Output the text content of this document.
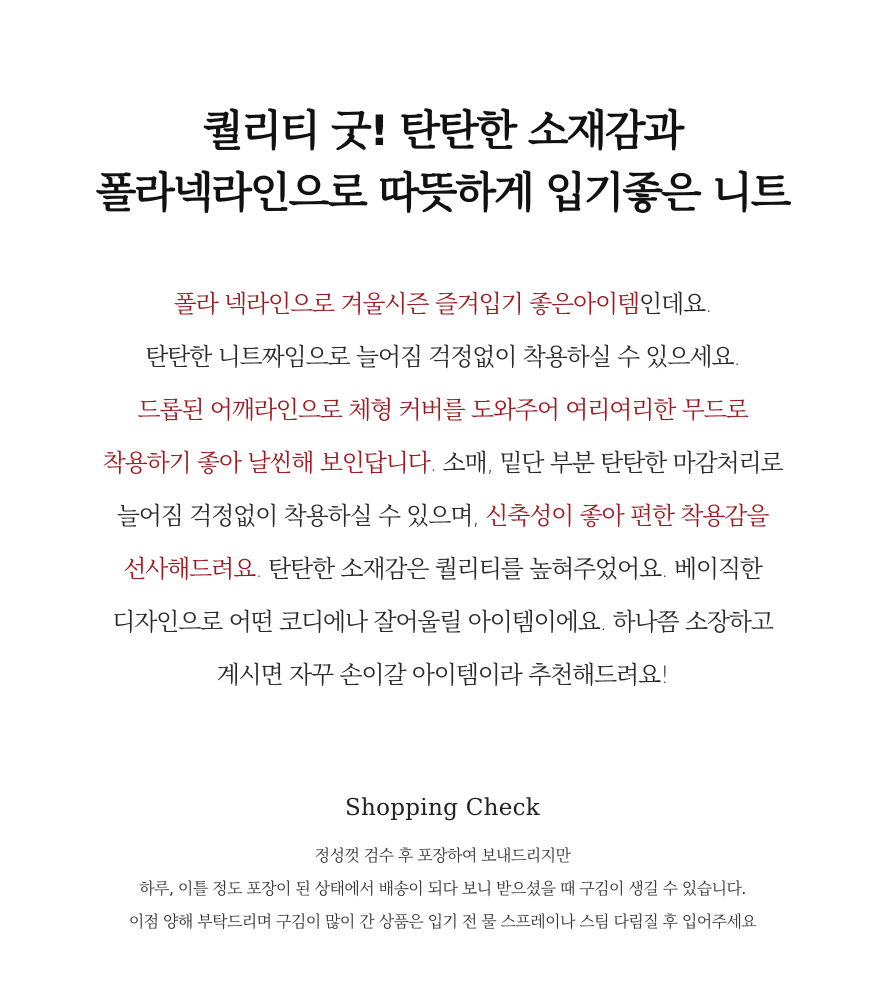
퀄리티 굿! 탄탄한 소재감과
폴라넥라인으로 따뜻하게 입기좋은 니트
폴라 넥라인으로 겨울시즌 즐겨입기 좋은아이템인데요.
탄탄한 니트짜임으로 늘어짐 걱정없이 착용하실 수 있으세요.
드롭된 어깨라인으로 체형 커버를 도와주어 여리여리한 무드로
착용하기 좋아 날씬해 보인답니다. 소매, 밑단 부분 탄탄한 마감처리로
늘어짐 걱정없이 착용하실 수 있으며, 신축성이 좋아 편한 착용감을
선사해드려요. 탄탄한 소재감은 퀄리티를 높혀주었어요. 베이직한
디자인으로 어떤 코디에나 잘어울릴 아이템이에요. 하나쯤 소장하고
계시면 자꾸 손이갈 아이템이라 추천해드려요!
Shopping Check
정성껏 검수 후 포장하여 보내드리지만
하루, 이틀 정도 포장이 된 상태에서 배송이 되다 보니 받으셨을 때 구김이 생길 수 있습니다.
이점 양해 부탁드리며 구김이 많이 간 상품은 입기 전 물 스프레이나 스팀 다림질 후 입어주세요
